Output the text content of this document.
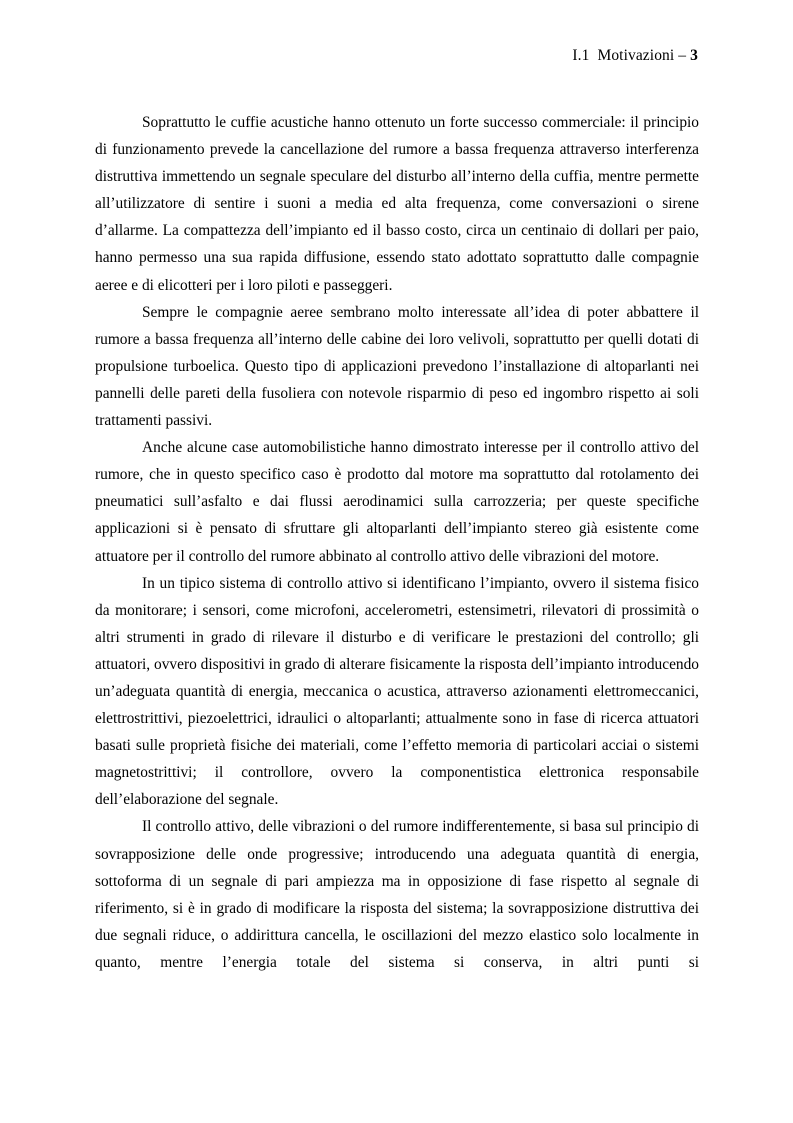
I.1 Motivazioni – 3

Soprattutto le cuffie acustiche hanno ottenuto un forte successo commerciale: il principio di funzionamento prevede la cancellazione del rumore a bassa frequenza attraverso interferenza distruttiva immettendo un segnale speculare del disturbo all’interno della cuffia, mentre permette all’utilizzatore di sentire i suoni a media ed alta frequenza, come conversazioni o sirene d’allarme. La compattezza dell’impianto ed il basso costo, circa un centinaio di dollari per paio, hanno permesso una sua rapida diffusione, essendo stato adottato soprattutto dalle compagnie aeree e di elicotteri per i loro piloti e passeggeri.

Sempre le compagnie aeree sembrano molto interessate all’idea di poter abbattere il rumore a bassa frequenza all’interno delle cabine dei loro velivoli, soprattutto per quelli dotati di propulsione turboelica. Questo tipo di applicazioni prevedono l’installazione di altoparlanti nei pannelli delle pareti della fusoliera con notevole risparmio di peso ed ingombro rispetto ai soli trattamenti passivi.

Anche alcune case automobilistiche hanno dimostrato interesse per il controllo attivo del rumore, che in questo specifico caso è prodotto dal motore ma soprattutto dal rotolamento dei pneumatici sull’asfalto e dai flussi aerodinamici sulla carrozzeria; per queste specifiche applicazioni si è pensato di sfruttare gli altoparlanti dell’impianto stereo già esistente come attuatore per il controllo del rumore abbinato al controllo attivo delle vibrazioni del motore.

In un tipico sistema di controllo attivo si identificano l’impianto, ovvero il sistema fisico da monitorare; i sensori, come microfoni, accelerometri, estensimetri, rilevatori di prossimità o altri strumenti in grado di rilevare il disturbo e di verificare le prestazioni del controllo; gli attuatori, ovvero dispositivi in grado di alterare fisicamente la risposta dell’impianto introducendo un’adeguata quantità di energia, meccanica o acustica, attraverso azionamenti elettromeccanici, elettrostrittivi, piezoelettrici, idraulici o altoparlanti; attualmente sono in fase di ricerca attuatori basati sulle proprietà fisiche dei materiali, come l’effetto memoria di particolari acciai o sistemi magnetostrittivi; il controllore, ovvero la componentistica elettronica responsabile dell’elaborazione del segnale.

Il controllo attivo, delle vibrazioni o del rumore indifferentemente, si basa sul principio di sovrapposizione delle onde progressive; introducendo una adeguata quantità di energia, sottoforma di un segnale di pari ampiezza ma in opposizione di fase rispetto al segnale di riferimento, si è in grado di modificare la risposta del sistema; la sovrapposizione distruttiva dei due segnali riduce, o addirittura cancella, le oscillazioni del mezzo elastico solo localmente in quanto, mentre l’energia totale del sistema si conserva, in altri punti si
